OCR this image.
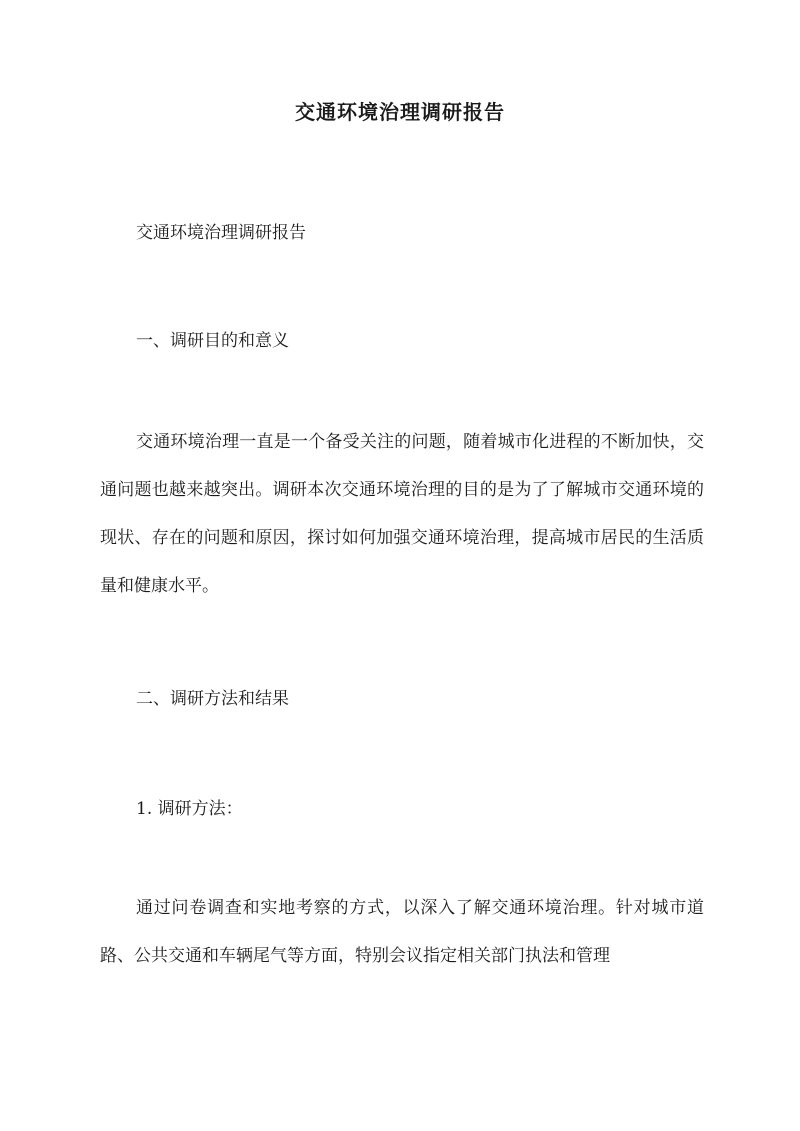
交通环境治理调研报告

交通环境治理调研报告

一、调研目的和意义

交通环境治理一直是一个备受关注的问题，随着城市化进程的不断加快，交通问题也越来越突出。调研本次交通环境治理的目的是为了了解城市交通环境的现状、存在的问题和原因，探讨如何加强交通环境治理，提高城市居民的生活质量和健康水平。

二、调研方法和结果

1. 调研方法：

通过问卷调查和实地考察的方式，以深入了解交通环境治理。针对城市道路、公共交通和车辆尾气等方面，特别会议指定相关部门执法和管理
